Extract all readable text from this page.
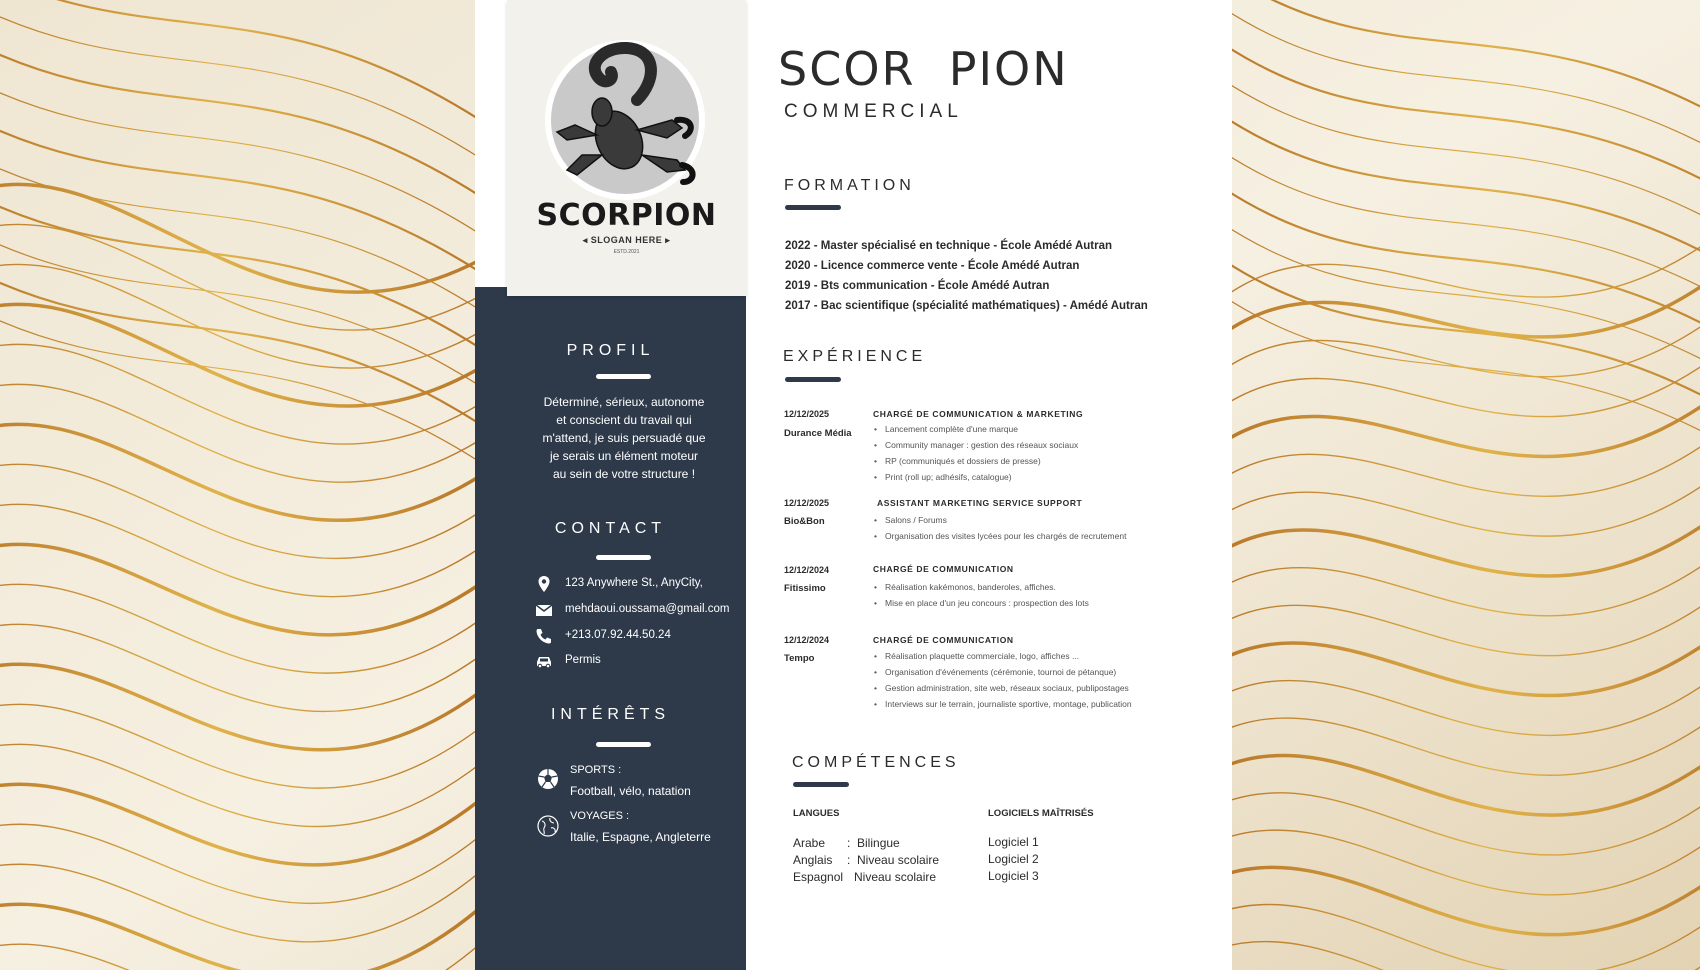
SCORPION
◂ SLOGAN HERE ▸
ESTD.2021
PROFIL
Déterminé, sérieux, autonome
et conscient du travail qui
m'attend, je suis persuadé que
je serais un élément moteur
au sein de votre structure !
CONTACT
123 Anywhere St., AnyCity,
mehdaoui.oussama@gmail.com
+213.07.92.44.50.24
Permis
INTÉRÊTS
SPORTS :
Football, vélo, natation
VOYAGES :
Italie, Espagne, Angleterre
SCOR  PION
COMMERCIAL
FORMATION
2022 - Master spécialisé en technique - École Amédé Autran
2020 - Licence commerce vente - École Amédé Autran
2019 - Bts communication - École Amédé Autran
2017 - Bac scientifique (spécialité mathématiques) - Amédé Autran
EXPÉRIENCE
12/12/2025
Durance Média
CHARGÉ DE COMMUNICATION & MARKETING
• Lancement complète d'une marque
• Community manager : gestion des réseaux sociaux
• RP (communiqués et dossiers de presse)
• Print (roll up; adhésifs, catalogue)
12/12/2025
Bio&Bon
ASSISTANT MARKETING SERVICE SUPPORT
• Salons / Forums
• Organisation des visites lycées pour les chargés de recrutement
12/12/2024
Fitissimo
CHARGÉ DE COMMUNICATION
• Réalisation kakémonos, banderoles, affiches.
• Mise en place d'un jeu concours : prospection des lots
12/12/2024
Tempo
CHARGÉ DE COMMUNICATION
• Réalisation plaquette commerciale, logo, affiches ...
• Organisation d'événements (cérémonie, tournoi de pétanque)
• Gestion administration, site web, réseaux sociaux, publipostages
• Interviews sur le terrain, journaliste sportive, montage, publication
COMPÉTENCES
LANGUES
Arabe :  Bilingue
Anglais :  Niveau scolaire
Espagnol Niveau scolaire
LOGICIELS MAÎTRISÉS
Logiciel 1
Logiciel 2
Logiciel 3
خمسات
